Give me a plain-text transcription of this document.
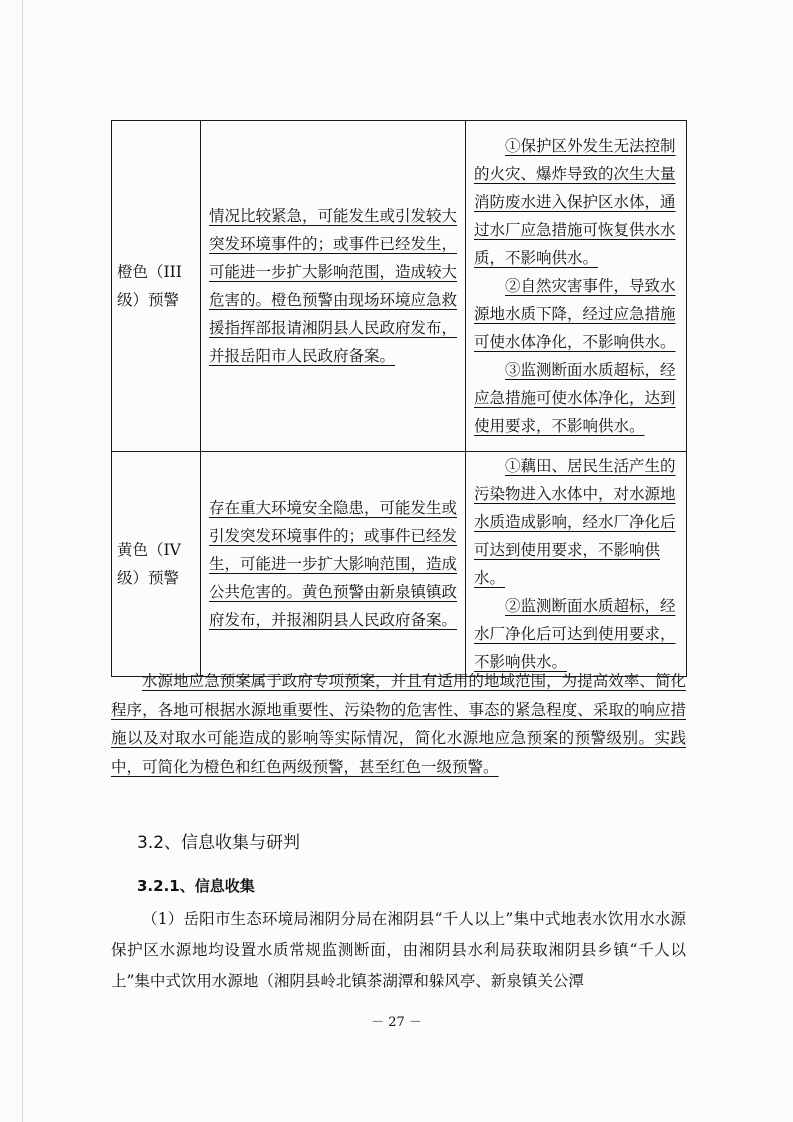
橙色（III级）预警	情况比较紧急，可能发生或引发较大突发环境事件的；或事件已经发生，可能进一步扩大影响范围，造成较大危害的。橙色预警由现场环境应急救援指挥部报请湘阴县人民政府发布，并报岳阳市人民政府备案。	①保护区外发生无法控制的火灾、爆炸导致的次生大量消防废水进入保护区水体，通过水厂应急措施可恢复供水水质，不影响供水。

②自然灾害事件，导致水源地水质下降，经过应急措施可使水体净化，不影响供水。

③监测断面水质超标，经应急措施可使水体净化，达到使用要求，不影响供水。

黄色（IV级）预警	存在重大环境安全隐患，可能发生或引发突发环境事件的；或事件已经发生，可能进一步扩大影响范围，造成公共危害的。黄色预警由新泉镇镇政府发布，并报湘阴县人民政府备案。	①藕田、居民生活产生的污染物进入水体中，对水源地水质造成影响，经水厂净化后可达到使用要求，不影响供水。

②监测断面水质超标，经水厂净化后可达到使用要求，不影响供水。

水源地应急预案属于政府专项预案，并且有适用的地域范围，为提高效率、简化程序，各地可根据水源地重要性、污染物的危害性、事态的紧急程度、采取的响应措施以及对取水可能造成的影响等实际情况，简化水源地应急预案的预警级别。实践中，可简化为橙色和红色两级预警，甚至红色一级预警。

3.2、信息收集与研判
3.2.1、信息收集

（1）岳阳市生态环境局湘阴分局在湘阴县“千人以上”集中式地表水饮用水水源保护区水源地均设置水质常规监测断面，由湘阴县水利局获取湘阴县乡镇“千人以上”集中式饮用水源地（湘阴县岭北镇茶湖潭和躲风亭、新泉镇关公潭

－ 27 －
